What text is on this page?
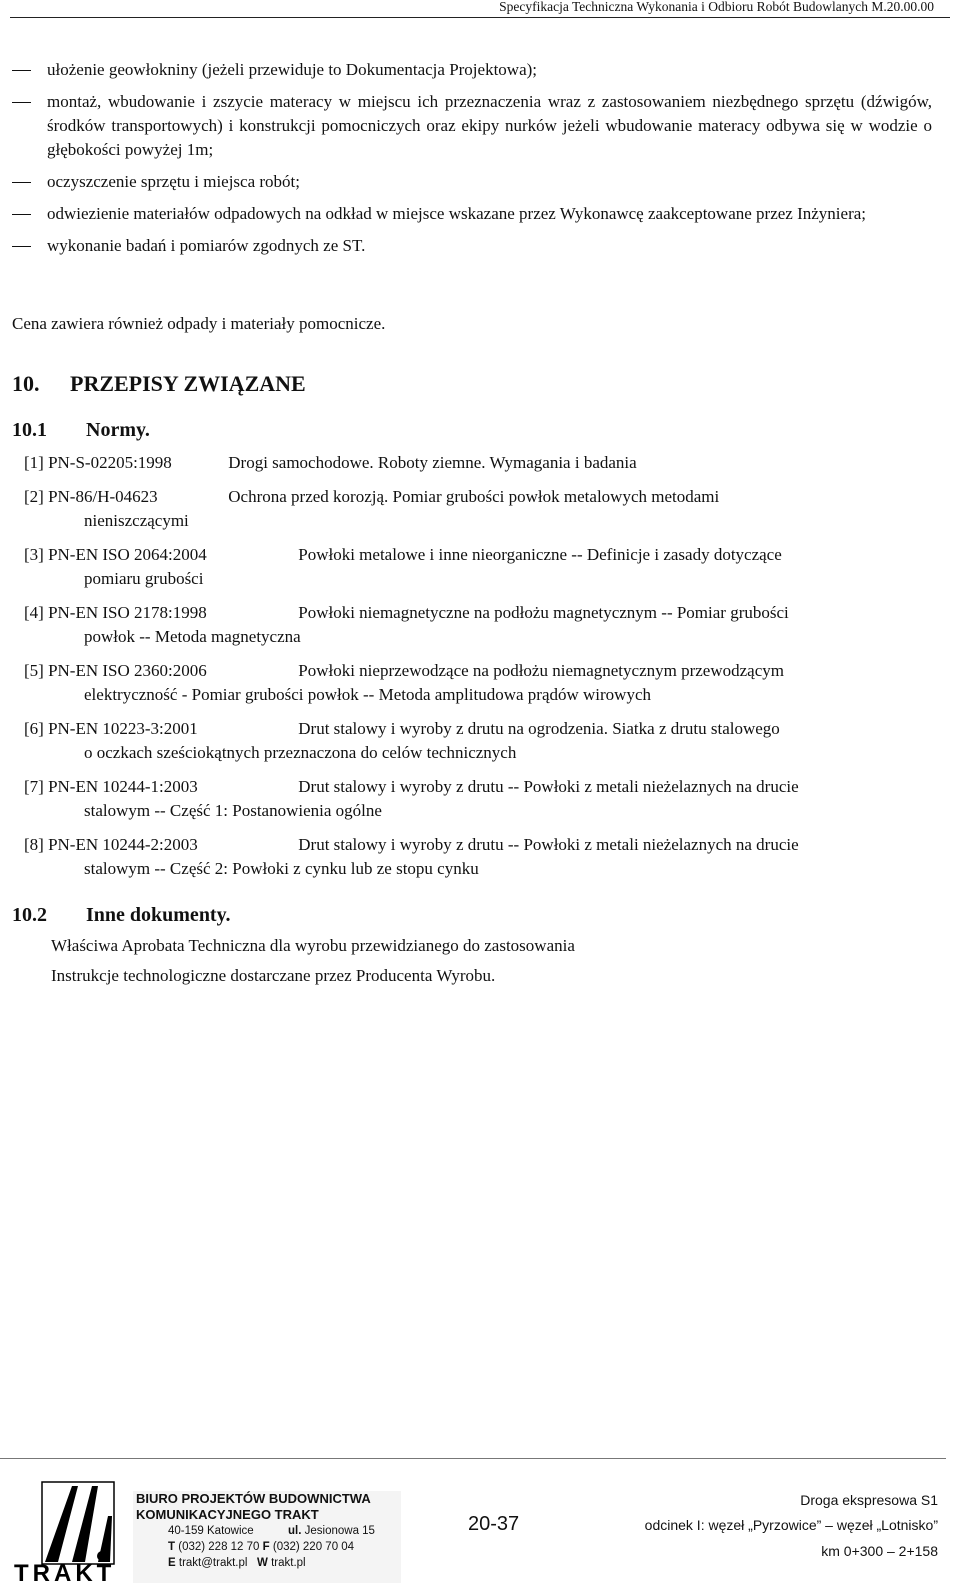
Specyfikacja Techniczna Wykonania i Odbioru Robót Budowlanych M.20.00.00
ułożenie geowłokniny (jeżeli przewiduje to Dokumentacja Projektowa);
montaż, wbudowanie i zszycie materacy w miejscu ich przeznaczenia wraz z zastosowaniem niezbędnego sprzętu (dźwigów, środków transportowych) i konstrukcji pomocniczych oraz ekipy nurków jeżeli wbudowanie materacy odbywa się w wodzie o głębokości powyżej 1m;
oczyszczenie sprzętu i miejsca robót;
odwiezienie materiałów odpadowych na odkład w miejsce wskazane przez Wykonawcę zaakceptowane przez Inżyniera;
wykonanie badań i pomiarów zgodnych ze ST.
Cena zawiera również odpady i materiały pomocnicze.
10. PRZEPISY ZWIĄZANE
10.1 Normy.
[1] PN-S-02205:1998	Drogi samochodowe. Roboty ziemne. Wymagania i badania
[2] PN-86/H-04623	Ochrona przed korozją. Pomiar grubości powłok metalowych metodami
nieniszczącymi
[3] PN-EN ISO 2064:2004	Powłoki metalowe i inne nieorganiczne -- Definicje i zasady dotyczące
pomiaru grubości
[4] PN-EN ISO 2178:1998	Powłoki niemagnetyczne na podłożu magnetycznym -- Pomiar grubości
powłok -- Metoda magnetyczna
[5] PN-EN ISO 2360:2006	Powłoki nieprzewodzące na podłożu niemagnetycznym przewodzącym
elektryczność - Pomiar grubości powłok -- Metoda amplitudowa prądów wirowych
[6] PN-EN 10223-3:2001	Drut stalowy i wyroby z drutu na ogrodzenia. Siatka z drutu stalowego
o oczkach sześciokątnych przeznaczona do celów technicznych
[7] PN-EN 10244-1:2003	Drut stalowy i wyroby z drutu -- Powłoki z metali nieżelaznych na drucie
stalowym -- Część 1: Postanowienia ogólne
[8] PN-EN 10244-2:2003	Drut stalowy i wyroby z drutu -- Powłoki z metali nieżelaznych na drucie
stalowym -- Część 2: Powłoki z cynku lub ze stopu cynku
10.2 Inne dokumenty.

Właściwa Aprobata Techniczna dla wyrobu przewidzianego do zastosowania

Instrukcje technologiczne dostarczane przez Producenta Wyrobu.

TRAKT
BIURO PROJEKTÓW BUDOWNICTWA
KOMUNIKACYJNEGO TRAKT
40-159 Katowice	ul. Jesionowa 15
T (032) 228 12 70 F (032) 220 70 04
E trakt@trakt.pl W trakt.pl
20-37
Droga ekspresowa S1
odcinek I: węzeł „Pyrzowice” – węzeł „Lotnisko”
km 0+300 – 2+158
